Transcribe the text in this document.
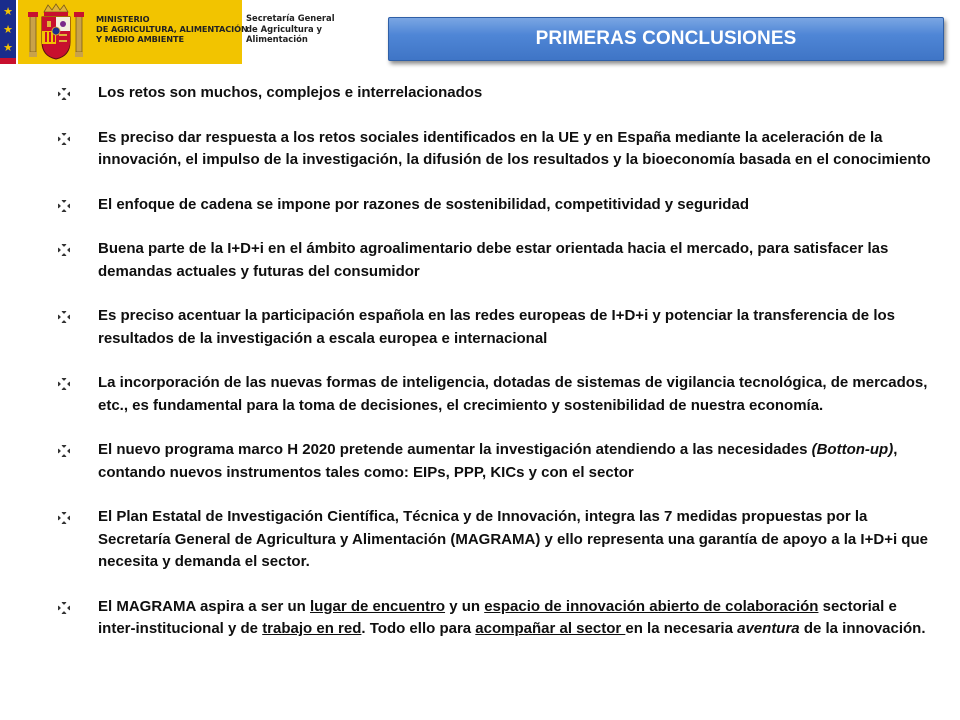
★
★
★
MINISTERIO
DE AGRICULTURA, ALIMENTACIÓN
Y MEDIO AMBIENTE
Secretaría General
de Agricultura y
Alimentación	PRIMERAS CONCLUSIONES
Los retos son muchos, complejos e interrelacionados
Es preciso dar respuesta a los retos sociales identificados en la UE y en España mediante la aceleración de la innovación, el impulso de la investigación, la difusión de los resultados y la bioeconomía basada en el conocimiento
El enfoque de cadena se impone por razones de sostenibilidad, competitividad y seguridad
Buena parte de la I+D+i en el ámbito agroalimentario debe estar orientada hacia el mercado, para satisfacer las demandas actuales y futuras del consumidor
Es preciso acentuar la participación española en las redes europeas de I+D+i y potenciar la transferencia de los resultados de la investigación a escala europea e internacional
La incorporación de las nuevas formas de inteligencia, dotadas de sistemas de vigilancia tecnológica, de mercados, etc., es fundamental para la toma de decisiones, el crecimiento y sostenibilidad de nuestra economía.
El nuevo programa marco H 2020 pretende aumentar la investigación atendiendo a las necesidades (Botton-up), contando nuevos instrumentos tales como: EIPs, PPP, KICs y con el sector
El Plan Estatal de Investigación Científica, Técnica y de Innovación, integra las 7 medidas propuestas por la Secretaría General de Agricultura y Alimentación (MAGRAMA) y ello representa una garantía de apoyo a la I+D+i que necesita y demanda el sector.
El MAGRAMA aspira a ser un lugar de encuentro y un espacio de innovación abierto de colaboración sectorial e inter-institucional y de trabajo en red. Todo ello para acompañar al sector en la necesaria aventura de la innovación.
